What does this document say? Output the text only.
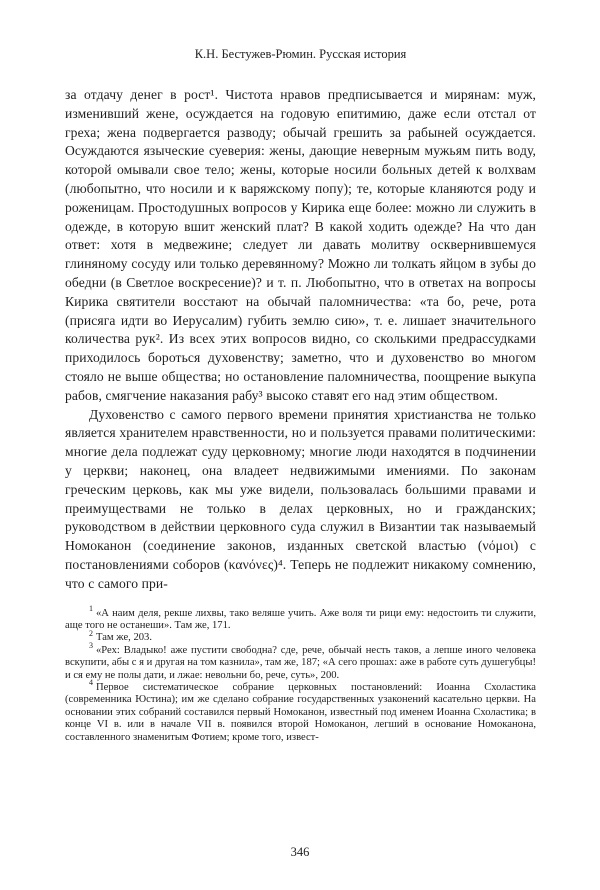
К.Н. Бестужев-Рюмин. Русская история

за отдачу денег в рост¹. Чистота нравов предписывается и мирянам: муж, изменивший жене, осуждается на годовую епитимию, даже если отстал от греха; жена подвергается разводу; обычай грешить за рабыней осуждается. Осуждаются языческие суеверия: жены, дающие неверным мужьям пить воду, которой омывали свое тело; жены, которые носили больных детей к волхвам (любопытно, что носили и к варяжскому попу); те, которые кланяются роду и роженицам. Простодушных вопросов у Кирика еще более: можно ли служить в одежде, в которую вшит женский плат? В какой ходить одежде? На что дан ответ: хотя в медвежине; следует ли давать молитву осквернившемуся глиняному сосуду или только деревянному? Можно ли толкать яйцом в зубы до обедни (в Светлое воскресение)? и т. п. Любопытно, что в ответах на вопросы Кирика святители восстают на обычай паломничества: «та бо, рече, рота (присяга идти во Иерусалим) губить землю сию», т. е. лишает значительного количества рук². Из всех этих вопросов видно, со сколькими предрассудками приходилось бороться духовенству; заметно, что и духовенство во многом стояло не выше общества; но остановление паломничества, поощрение выкупа рабов, смягчение наказания рабу³ высоко ставят его над этим обществом.

Духовенство с самого первого времени принятия христианства не только является хранителем нравственности, но и пользуется правами политическими: многие дела подлежат суду церковному; многие люди находятся в подчинении у церкви; наконец, она владеет недвижимыми имениями. По законам греческим церковь, как мы уже видели, пользовалась большими правами и преимуществами не только в делах церковных, но и гражданских; руководством в действии церковного суда служил в Византии так называемый Номоканон (соединение законов, изданных светской властью (νόμοι) с постановлениями соборов (κανόνες)⁴. Теперь не подлежит никакому сомнению, что с самого при-

$^1$ «А наим деля, рекше лихвы, тако веляше учить. Аже воля ти рици ему: недостоить ти служити, аще того не останеши». Там же, 171.

$^2$ Там же, 203.

$^3$ «Рех: Владыко! аже пустити свободна? сде, рече, обычай несть таков, а лепше иного человека вскупити, абы с я и другая на том казнила», там же, 187; «А сего прошах: аже в работе суть душегубцы! и ся ему не полы дати, и лжае: невольни бо, рече, суть», 200.

$^4$ Первое систематическое собрание церковных постановлений: Иоанна Схоластика (современника Юстина); им же сделано собрание государственных узаконений касательно церкви. На основании этих собраний составился первый Номоканон, известный под именем Иоанна Схоластика; в конце VI в. или в начале VII в. появился второй Номоканон, легший в основание Номоканона, составленного знаменитым Фотием; кроме того, извест-

346
